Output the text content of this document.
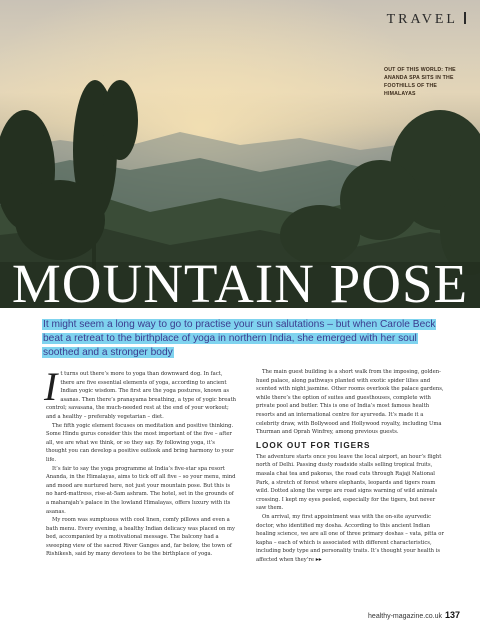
TRAVEL
OUT OF THIS WORLD: THE ANANDA SPA SITS IN THE FOOTHILLS OF THE HIMALAYAS
MOUNTAIN POSE
It might seem a long way to go to practise your sun salutations – but when Carole Beck beat a retreat to the birthplace of yoga in northern India, she emerged with her soul soothed and a stronger body

It turns out there’s more to yoga than downward dog. In fact, there are five essential elements of yoga, according to ancient Indian yogic wisdom. The first are the yoga postures, known as asanas. Then there’s pranayama breathing, a type of yogic breath control; savasana, the much-needed rest at the end of your workout; and a healthy – preferably vegetarian – diet.

The fifth yogic element focuses on meditation and positive thinking. Some Hindu gurus consider this the most important of the five – after all, we are what we think, or so they say. By following yoga, it’s thought you can develop a positive outlook and bring harmony to your life.

It’s fair to say the yoga programme at India’s five-star spa resort Ananda, in the Himalayas, aims to tick off all five – so your menu, mind and mood are nurtured here, not just your mountain pose. But this is no hard-mattress, rise-at-5am ashram. The hotel, set in the grounds of a maharajah’s palace in the lowland Himalayas, offers luxury with its asanas.

My room was sumptuous with cool linen, comfy pillows and even a bath menu. Every evening, a healthy Indian delicacy was placed on my bed, accompanied by a motivational message. The balcony had a sweeping view of the sacred River Ganges and, far below, the town of Rishikesh, said by many devotees to be the birthplace of yoga.

The main guest building is a short walk from the imposing, golden-hued palace, along pathways planted with exotic spider lilies and scented with night jasmine. Other rooms overlook the palace gardens, while there’s the option of suites and guesthouses, complete with private pool and butler. This is one of India’s most famous health resorts and an international centre for ayurveda. It’s made it a celebrity draw, with Bollywood and Hollywood royalty, including Uma Thurman and Oprah Winfrey, among previous guests.

LOOK OUT FOR TIGERS

The adventure starts once you leave the local airport, an hour’s flight north of Delhi. Passing dusty roadside stalls selling tropical fruits, masala chai tea and pakoras, the road cuts through Rajaji National Park, a stretch of forest where elephants, leopards and tigers roam wild. Dotted along the verge are road signs warning of wild animals crossing. I kept my eyes peeled, especially for the tigers, but never saw them.

On arrival, my first appointment was with the on-site ayurvedic doctor, who identified my dosha. According to this ancient Indian healing science, we are all one of three primary doshas – vata, pitta or kapha – each of which is associated with different characteristics, including body type and personality traits. It’s thought your health is affected when they’re ▸▸

healthy-magazine.co.uk 137
